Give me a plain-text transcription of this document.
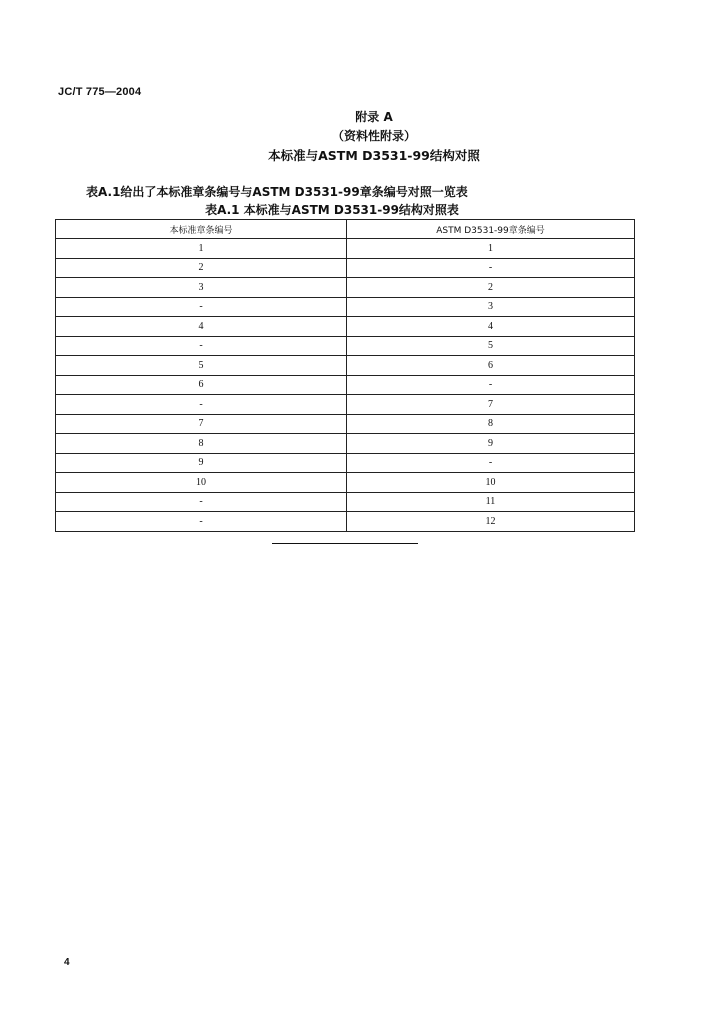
JC/T 775—2004
附录 A
（资料性附录）
本标准与ASTM D3531-99结构对照
表A.1给出了本标准章条编号与ASTM D3531-99章条编号对照一览表
表A.1 本标准与ASTM D3531-99结构对照表
本标准章条编号	ASTM D3531-99章条编号
1	1
2	-
3	2
-	3
4	4
-	5
5	6
6	-
-	7
7	8
8	9
9	-
10	10
-	11
-	12
4
